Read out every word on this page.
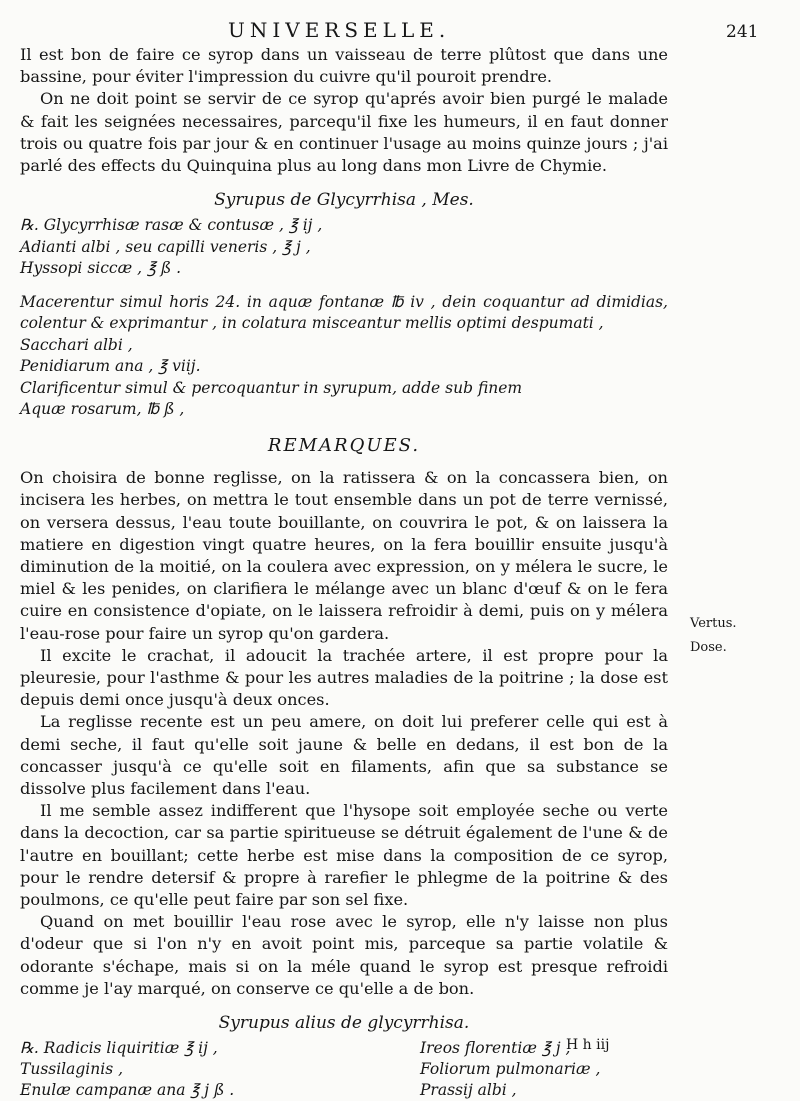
UNIVERSELLE.	241

Il est bon de faire ce syrop dans un vaisseau de terre plûtost que dans une bassine, pour éviter l'impression du cuivre qu'il pouroit prendre.

On ne doit point se servir de ce syrop qu'aprés avoir bien purgé le malade & fait les seignées necessaires, parcequ'il fixe les humeurs, il en faut donner trois ou quatre fois par jour & en continuer l'usage au moins quinze jours ; j'ai parlé des effects du Quinquina plus au long dans mon Livre de Chymie.

Syrupus de Glycyrrhisa , Mes.
℞. Glycyrrhisæ rasæ & contusæ , ℥ ij ,
Adianti albi , seu capilli veneris , ℥ j ,
Hyssopi siccæ , ℥ ß .
Macerentur simul horis 24. in aquæ fontanæ ℔ iv , dein coquantur ad dimidias, colentur & exprimantur , in colatura misceantur mellis optimi despumati ,
Sacchari albi ,
Penidiarum ana , ℥ viij.
Clarificentur simul & percoquantur in syrupum, adde sub finem
Aquæ rosarum, ℔ ß ,
REMARQUES.

On choisira de bonne reglisse, on la ratissera & on la concassera bien, on incisera les herbes, on mettra le tout ensemble dans un pot de terre vernissé, on versera dessus, l'eau toute bouillante, on couvrira le pot, & on laissera la matiere en digestion vingt quatre heures, on la fera bouillir ensuite jusqu'à diminution de la moitié, on la coulera avec expression, on y mélera le sucre, le miel & les penides, on clarifiera le mélange avec un blanc d'œuf & on le fera cuire en consistence d'opiate, on le laissera refroidir à demi, puis on y mélera l'eau-rose pour faire un syrop qu'on gardera.

Il excite le crachat, il adoucit la trachée artere, il est propre pour la pleuresie, pour l'asthme & pour les autres maladies de la poitrine ; la dose est depuis demi once jusqu'à deux onces.

La reglisse recente est un peu amere, on doit lui preferer celle qui est à demi seche, il faut qu'elle soit jaune & belle en dedans, il est bon de la concasser jusqu'à ce qu'elle soit en filaments, afin que sa substance se dissolve plus facilement dans l'eau.

Il me semble assez indifferent que l'hysope soit employée seche ou verte dans la decoction, car sa partie spiritueuse se détruit également de l'une & de l'autre en bouillant; cette herbe est mise dans la composition de ce syrop, pour le rendre detersif & propre à rarefier le phlegme de la poitrine & des poulmons, ce qu'elle peut faire par son sel fixe.

Quand on met bouillir l'eau rose avec le syrop, elle n'y laisse non plus d'odeur que si l'on n'y en avoit point mis, parceque sa partie volatile & odorante s'échape, mais si on la méle quand le syrop est presque refroidi comme je l'ay marqué, on conserve ce qu'elle a de bon.

Syrupus alius de glycyrrhisa.
℞. Radicis liquiritiæ ℥ ij ,
Tussilaginis ,
Enulæ campanæ ana ℥ j ß .
Ireos florentiæ ℥ j ,
Foliorum pulmonariæ ,
Prassij albi ,
Vertus.
Dose.
H h iij
